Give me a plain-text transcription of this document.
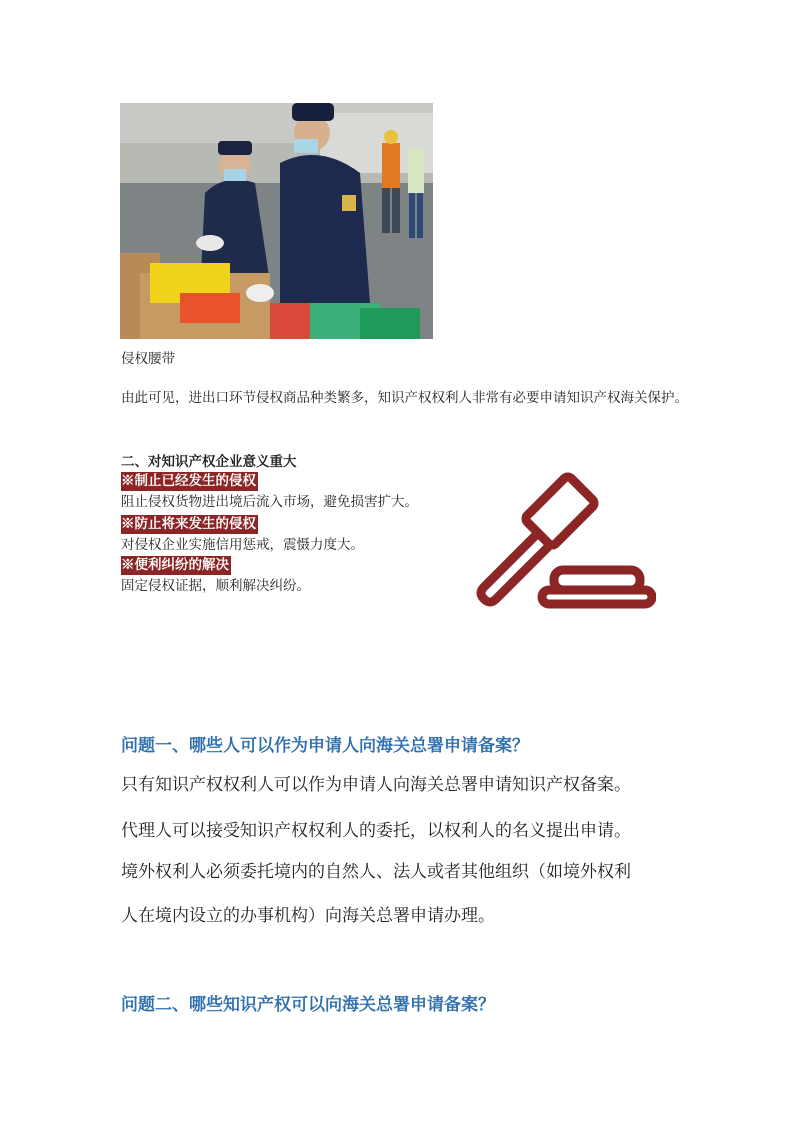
侵权腰带
由此可见，进出口环节侵权商品种类繁多，知识产权权利人非常有必要申请知识产权海关保护。
二、对知识产权企业意义重大
※制止已经发生的侵权
阻止侵权货物进出境后流入市场，避免损害扩大。
※防止将来发生的侵权
对侵权企业实施信用惩戒，震慑力度大。
※便利纠纷的解决
固定侵权证据，顺利解决纠纷。
问题一、哪些人可以作为申请人向海关总署申请备案？
只有知识产权权利人可以作为申请人向海关总署申请知识产权备案。
代理人可以接受知识产权权利人的委托，以权利人的名义提出申请。
境外权利人必须委托境内的自然人、法人或者其他组织（如境外权利
人在境内设立的办事机构）向海关总署申请办理。
问题二、哪些知识产权可以向海关总署申请备案？
